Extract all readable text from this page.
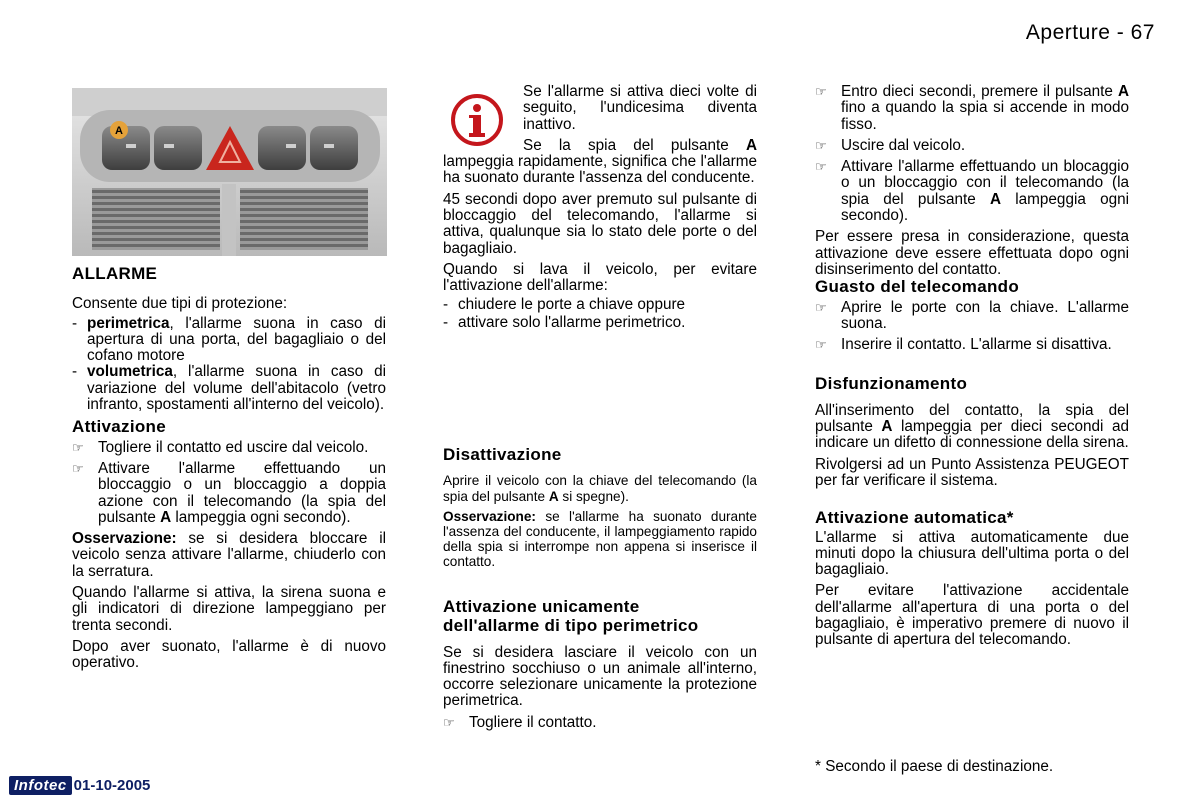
Aperture - 67
A
ALLARME

Consente due tipi di protezione:

- perimetrica, l'allarme suona in caso di apertura di una porta, del bagagliaio o del cofano motore
- volumetrica, l'allarme suona in caso di variazione del volume dell'abitacolo (vetro infranto, spostamenti all'interno del veicolo).
Attivazione
☞ Togliere il contatto ed uscire dal veicolo.
☞ Attivare l'allarme effettuando un bloccaggio o un bloccaggio a doppia azione con il telecomando (la spia del pulsante A lampeggia ogni secondo).

Osservazione: se si desidera bloccare il veicolo senza attivare l'allarme, chiuderlo con la serratura.

Quando l'allarme si attiva, la sirena suona e gli indicatori di direzione lampeggiano per trenta secondi.

Dopo aver suonato, l'allarme è di nuovo operativo.

Se l'allarme si attiva dieci volte di seguito, l'undicesima diventa inattivo.

Se la spia del pulsante A lampeggia rapidamente, significa che l'allarme ha suonato durante l'assenza del conducente.

45 secondi dopo aver premuto sul pulsante di bloccaggio del telecomando, l'allarme si attiva, qualunque sia lo stato dele porte o del bagagliaio.

Quando si lava il veicolo, per evitare l'attivazione dell'allarme:

- chiudere le porte a chiave oppure
- attivare solo l'allarme perimetrico.
Disattivazione

Aprire il veicolo con la chiave del telecomando (la spia del pulsante A si spegne).

Osservazione: se l'allarme ha suonato durante l'assenza del conducente, il lampeggiamento rapido della spia si interrompe non appena si inserisce il contatto.

Attivazione unicamente
dell'allarme di tipo perimetrico

Se si desidera lasciare il veicolo con un finestrino socchiuso o un animale all'interno, occorre selezionare unicamente la protezione perimetrica.

☞ Togliere il contatto.
☞ Entro dieci secondi, premere il pulsante A fino a quando la spia si accende in modo fisso.
☞ Uscire dal veicolo.
☞ Attivare l'allarme effettuando un blocaggio o un bloccaggio con il telecomando (la spia del pulsante A lampeggia ogni secondo).

Per essere presa in considerazione, questa attivazione deve essere effettuata dopo ogni disinserimento del contatto.

Guasto del telecomando
☞ Aprire le porte con la chiave. L'allarme suona.
☞ Inserire il contatto. L'allarme si disattiva.
Disfunzionamento

All'inserimento del contatto, la spia del pulsante A lampeggia per dieci secondi ad indicare un difetto di connessione della sirena.

Rivolgersi ad un Punto Assistenza PEUGEOT per far verificare il sistema.

Attivazione automatica*

L'allarme si attiva automaticamente due minuti dopo la chiusura dell'ultima porta o del bagagliaio.

Per evitare l'attivazione accidentale dell'allarme all'apertura di una porta o del bagagliaio, è imperativo premere di nuovo il pulsante di apertura del telecomando.

* Secondo il paese di destinazione.
Infotec 01-10-2005
